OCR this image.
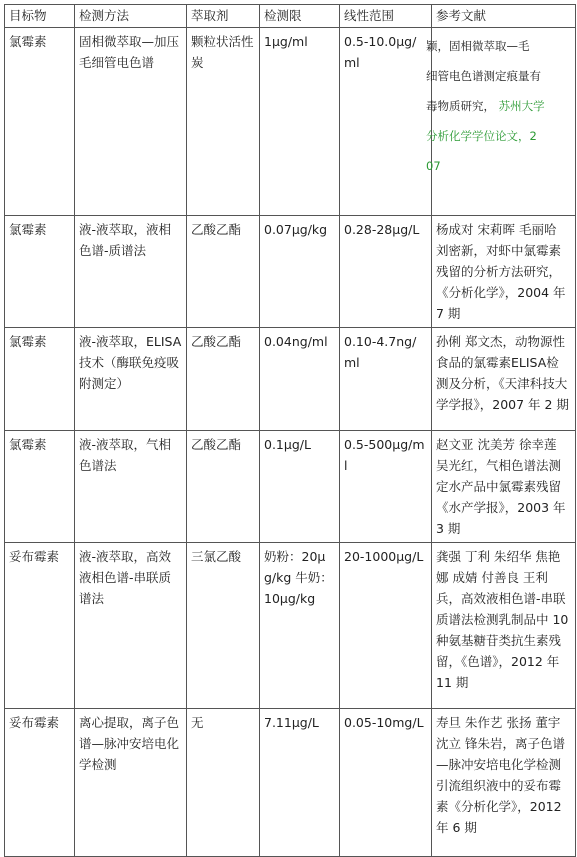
目标物	检测方法	萃取剂	检测限	线性范围	参考文献
氯霉素	固相微萃取—加压毛细管电色谱	颗粒状活性炭	1μg/ml	0.5-10.0μg/ml	颖，固相微萃取—毛
细管电色谱测定痕量有
毒物质研究， 苏州大学
分析化学学位论文，2
07

氯霉素	液-液萃取，液相色谱-质谱法	乙酸乙酯	0.07μg/kg	0.28-28μg/L	杨成对 宋莉晖 毛丽哈 刘密新，对虾中氯霉素残留的分析方法研究，《分析化学》，2004 年 7 期
氯霉素	液-液萃取，ELISA技术（酶联免疫吸附测定）	乙酸乙酯	0.04ng/ml	0.10-4.7ng/ml	孙俐 郑文杰，动物源性食品的氯霉素ELISA检测及分析，《天津科技大学学报》，2007 年 2 期
氯霉素	液-液萃取，气相色谱法	乙酸乙酯	0.1μg/L	0.5-500μg/ml	赵文亚 沈美芳 徐幸莲 吴光红，气相色谱法测定水产品中氯霉素残留《水产学报》，2003 年 3 期
妥布霉素	液-液萃取，高效液相色谱-串联质谱法	三氯乙酸	奶粉：20μg/kg 牛奶：10μg/kg	20-1000μg/L	龚强 丁利 朱绍华 焦艳娜 成婧 付善良 王利兵，高效液相色谱-串联质谱法检测乳制品中 10 种氨基糖苷类抗生素残留，《色谱》，2012 年 11 期
妥布霉素	离心提取，离子色谱—脉冲安培电化学检测	无	7.11μg/L	0.05-10mg/L	寿旦 朱作艺 张扬 董宇 沈立 锋朱岩，离子色谱—脉冲安培电化学检测引流组织液中的妥布霉素《分析化学》，2012 年 6 期
